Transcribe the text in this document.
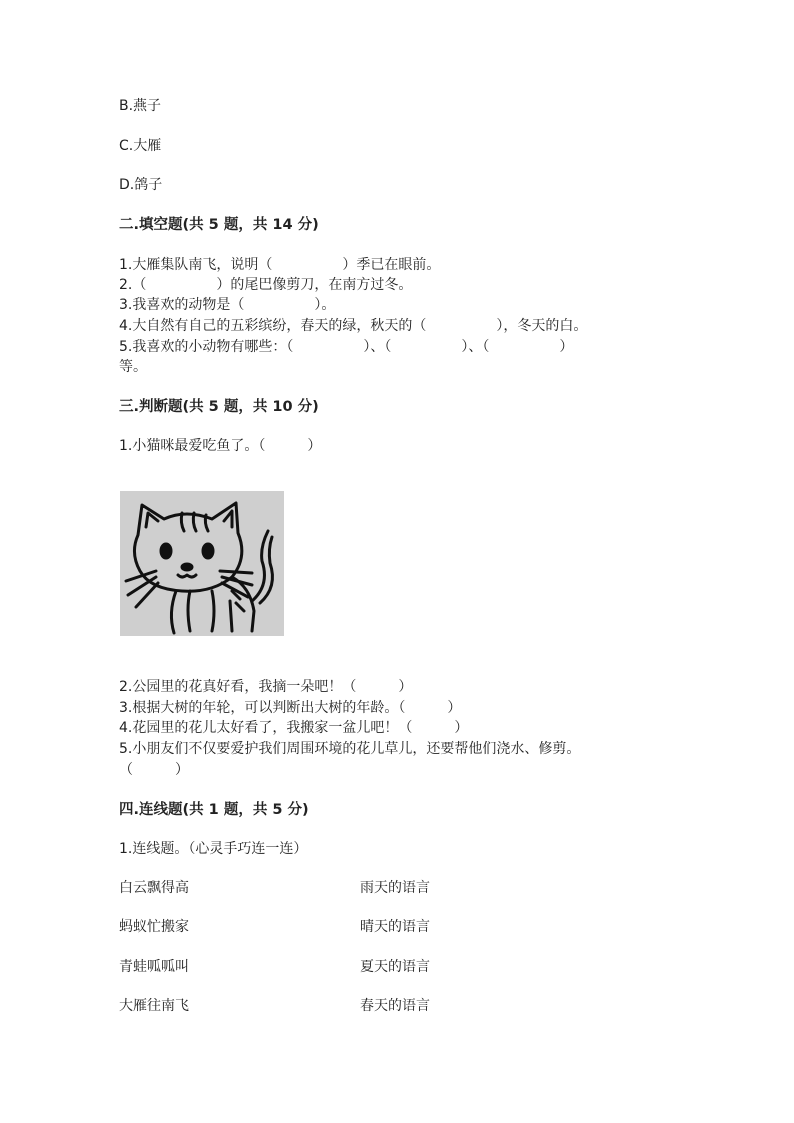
B.燕子
C.大雁
D.鸽子
二.填空题(共 5 题，共 14 分)
1.大雁集队南飞，说明（　　　　　）季已在眼前。
2.（　　　　　）的尾巴像剪刀，在南方过冬。
3.我喜欢的动物是（　　　　　）。
4.大自然有自己的五彩缤纷，春天的绿，秋天的（　　　　　），冬天的白。
5.我喜欢的小动物有哪些：（　　　　　）、（　　　　　）、（　　　　　）
等。
三.判断题(共 5 题，共 10 分)
1.小猫咪最爱吃鱼了。（　　　）
2.公园里的花真好看，我摘一朵吧！（　　　）
3.根据大树的年轮，可以判断出大树的年龄。（　　　）
4.花园里的花儿太好看了，我搬家一盆儿吧！（　　　）
5.小朋友们不仅要爱护我们周围环境的花儿草儿，还要帮他们浇水、修剪。
（　　　）
四.连线题(共 1 题，共 5 分)
1.连线题。（心灵手巧连一连）
白云飘得高	雨天的语言
蚂蚁忙搬家	晴天的语言
青蛙呱呱叫	夏天的语言
大雁往南飞	春天的语言
